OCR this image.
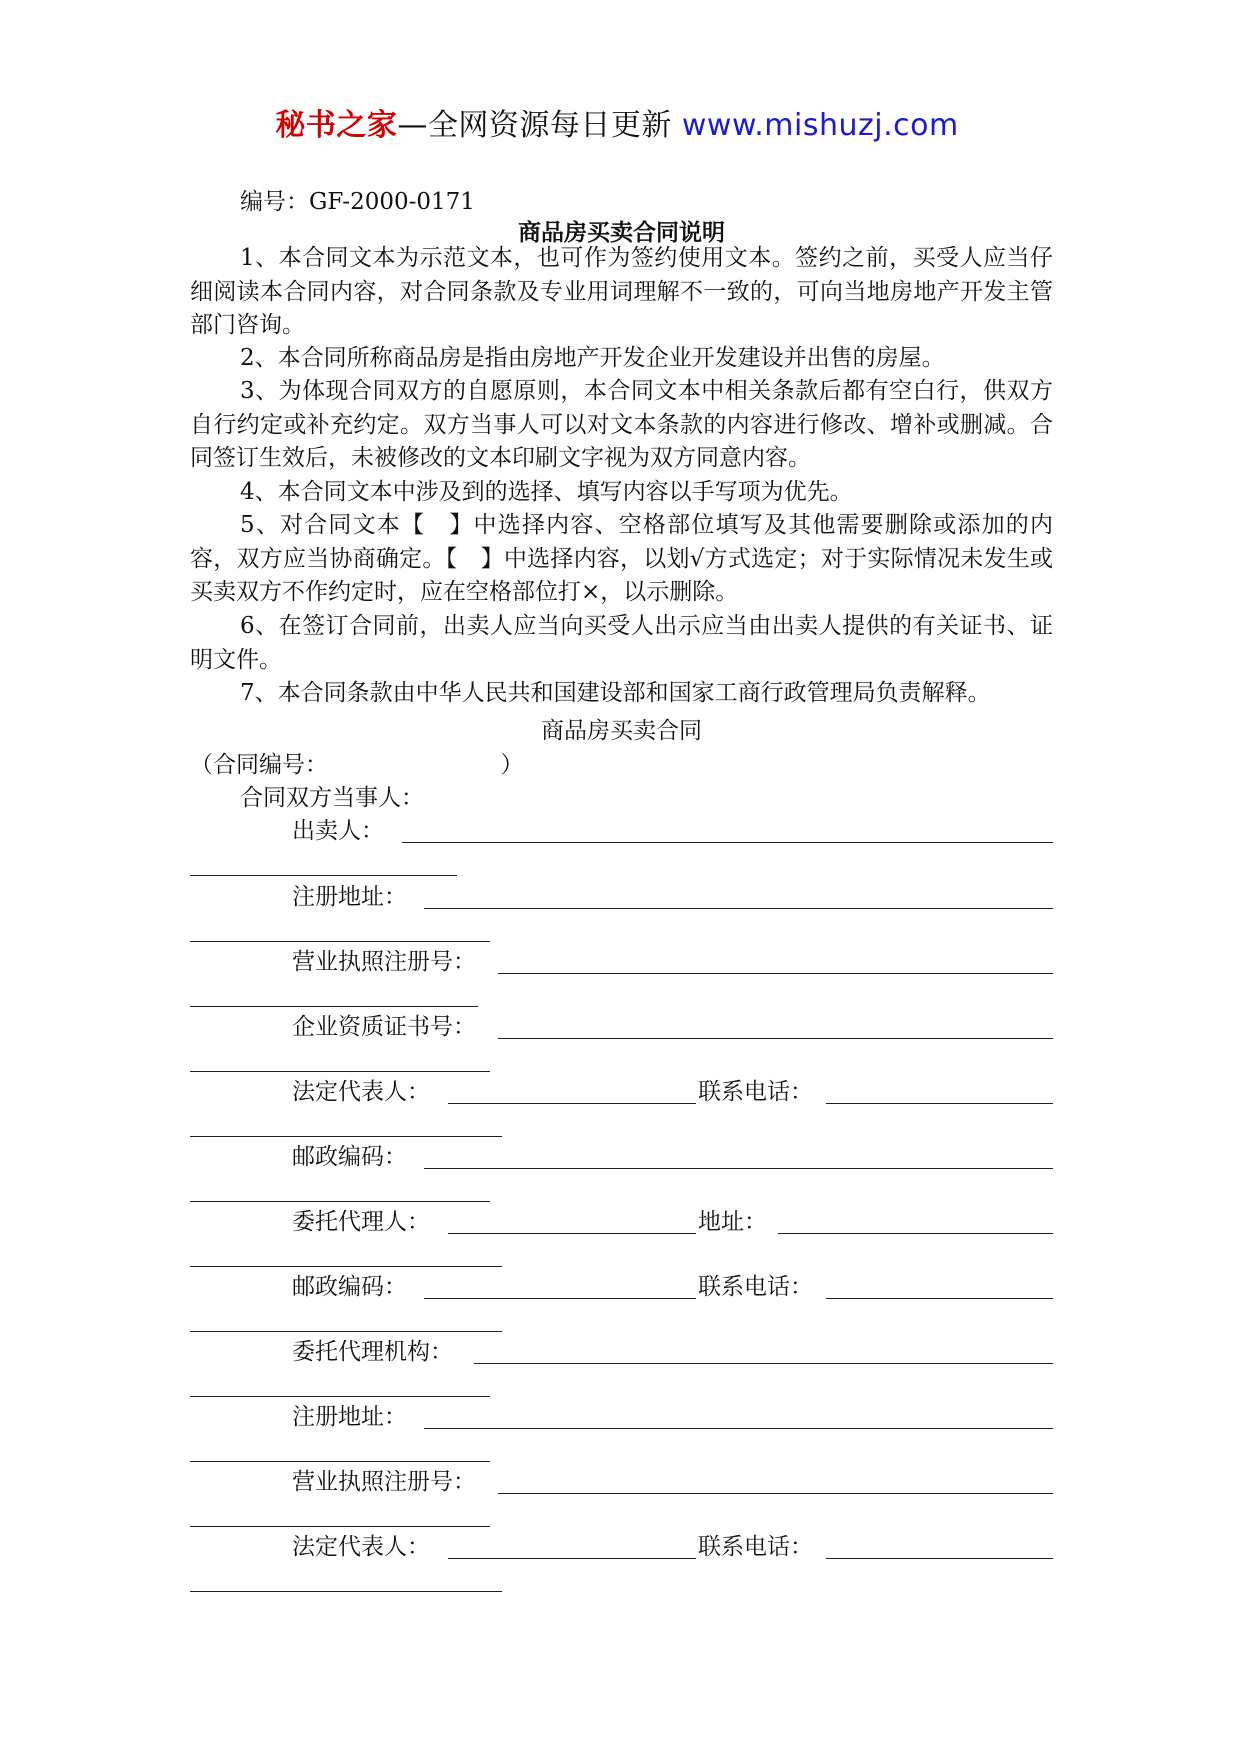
秘书之家—全网资源每日更新 www.mishuzj.com
编号：GF-2000-0171
商品房买卖合同说明
1、本合同文本为示范文本，也可作为签约使用文本。签约之前，买受人应当仔细阅读本合同内容，对合同条款及专业用词理解不一致的，可向当地房地产开发主管部门咨询。
2、本合同所称商品房是指由房地产开发企业开发建设并出售的房屋。
3、为体现合同双方的自愿原则，本合同文本中相关条款后都有空白行，供双方自行约定或补充约定。双方当事人可以对文本条款的内容进行修改、增补或删减。合同签订生效后，未被修改的文本印刷文字视为双方同意内容。
4、本合同文本中涉及到的选择、填写内容以手写项为优先。
5、对合同文本【　】中选择内容、空格部位填写及其他需要删除或添加的内容，双方应当协商确定。【　】中选择内容，以划√方式选定；对于实际情况未发生或买卖双方不作约定时，应在空格部位打×，以示删除。
6、在签订合同前，出卖人应当向买受人出示应当由出卖人提供的有关证书、证明文件。
7、本合同条款由中华人民共和国建设部和国家工商行政管理局负责解释。
商品房买卖合同
（合同编号：　　　　　　　　）
合同双方当事人：
出卖人：
注册地址：
营业执照注册号：
企业资质证书号：
法定代表人：	联系电话：
邮政编码：
委托代理人：	地址：
邮政编码：	联系电话：
委托代理机构：
注册地址：
营业执照注册号：
法定代表人：	联系电话：
